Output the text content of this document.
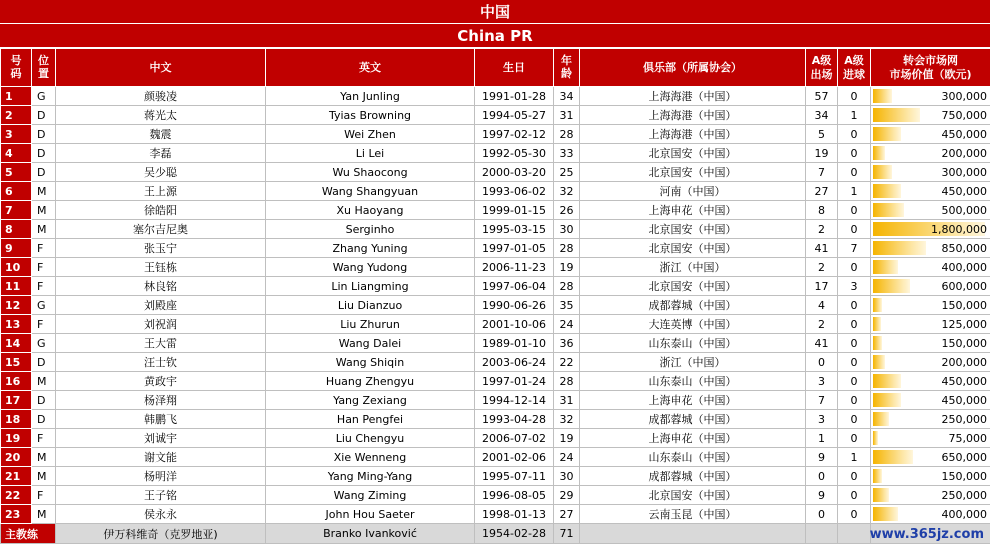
中国
China PR
号码	位置	中文	英文	生日	年龄	俱乐部（所属协会）	A级出场	A级进球	转会市场网
市场价值（欧元)

1	G	颜骏凌	Yan Junling	1991-01-28	34	上海海港（中国）	57	0	300,000
2	D	蒋光太	Tyias Browning	1994-05-27	31	上海海港（中国）	34	1	750,000
3	D	魏震	Wei Zhen	1997-02-12	28	上海海港（中国）	5	0	450,000
4	D	李磊	Li Lei	1992-05-30	33	北京国安（中国）	19	0	200,000
5	D	吴少聪	Wu Shaocong	2000-03-20	25	北京国安（中国）	7	0	300,000
6	M	王上源	Wang Shangyuan	1993-06-02	32	河南（中国）	27	1	450,000
7	M	徐皓阳	Xu Haoyang	1999-01-15	26	上海申花（中国）	8	0	500,000
8	M	塞尔吉尼奥	Serginho	1995-03-15	30	北京国安（中国）	2	0	1,800,000
9	F	张玉宁	Zhang Yuning	1997-01-05	28	北京国安（中国）	41	7	850,000
10	F	王钰栋	Wang Yudong	2006-11-23	19	浙江（中国）	2	0	400,000
11	F	林良铭	Lin Liangming	1997-06-04	28	北京国安（中国）	17	3	600,000
12	G	刘殿座	Liu Dianzuo	1990-06-26	35	成都蓉城（中国）	4	0	150,000
13	F	刘祝润	Liu Zhurun	2001-10-06	24	大连英博（中国）	2	0	125,000
14	G	王大雷	Wang Dalei	1989-01-10	36	山东泰山（中国）	41	0	150,000
15	D	汪士钦	Wang Shiqin	2003-06-24	22	浙江（中国）	0	0	200,000
16	M	黄政宇	Huang Zhengyu	1997-01-24	28	山东泰山（中国）	3	0	450,000
17	D	杨泽翔	Yang Zexiang	1994-12-14	31	上海申花（中国）	7	0	450,000
18	D	韩鹏飞	Han Pengfei	1993-04-28	32	成都蓉城（中国）	3	0	250,000
19	F	刘诚宇	Liu Chengyu	2006-07-02	19	上海申花（中国）	1	0	75,000
20	M	谢文能	Xie Wenneng	2001-02-06	24	山东泰山（中国）	9	1	650,000
21	M	杨明洋	Yang Ming-Yang	1995-07-11	30	成都蓉城（中国）	0	0	150,000
22	F	王子铭	Wang Ziming	1996-08-05	29	北京国安（中国）	9	0	250,000
23	M	侯永永	John Hou Saeter	1998-01-13	27	云南玉昆（中国）	0	0	400,000
主教练		伊万科维奇（克罗地亚)	Branko Ivanković	1954-02-28	71					www.365jz.com
